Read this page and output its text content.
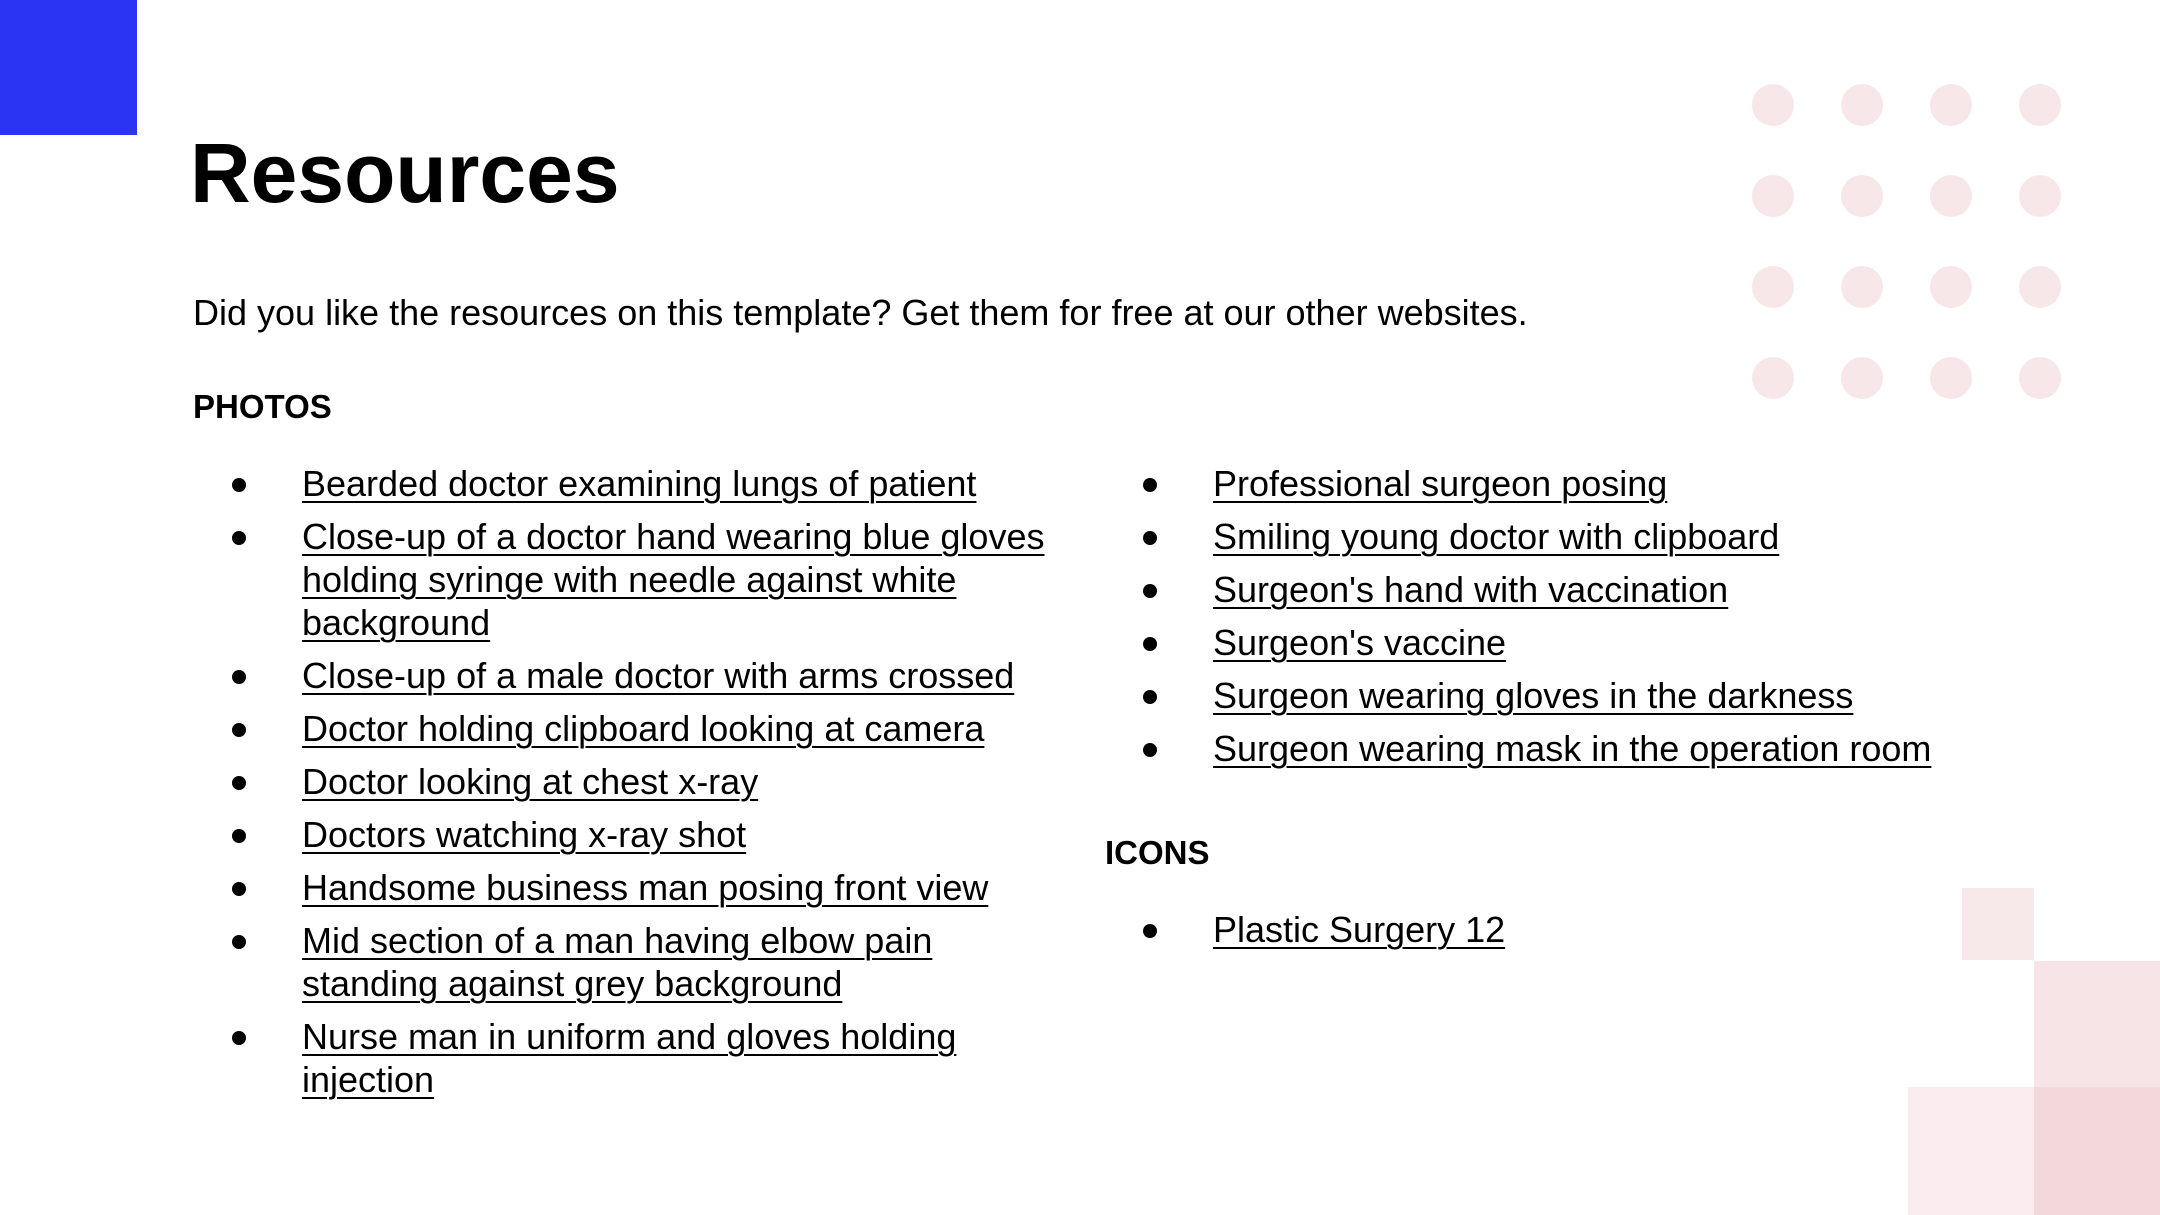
Resources

Did you like the resources on this template? Get them for free at our other websites.

PHOTOS
Bearded doctor examining lungs of patient
Close-up of a doctor hand wearing blue gloves holding syringe with needle against white background
Close-up of a male doctor with arms crossed
Doctor holding clipboard looking at camera
Doctor looking at chest x-ray
Doctors watching x-ray shot
Handsome business man posing front view
Mid section of a man having elbow pain standing against grey background
Nurse man in uniform and gloves holding injection
Professional surgeon posing
Smiling young doctor with clipboard
Surgeon's hand with vaccination
Surgeon's vaccine
Surgeon wearing gloves in the darkness
Surgeon wearing mask in the operation room
ICONS
Plastic Surgery 12
